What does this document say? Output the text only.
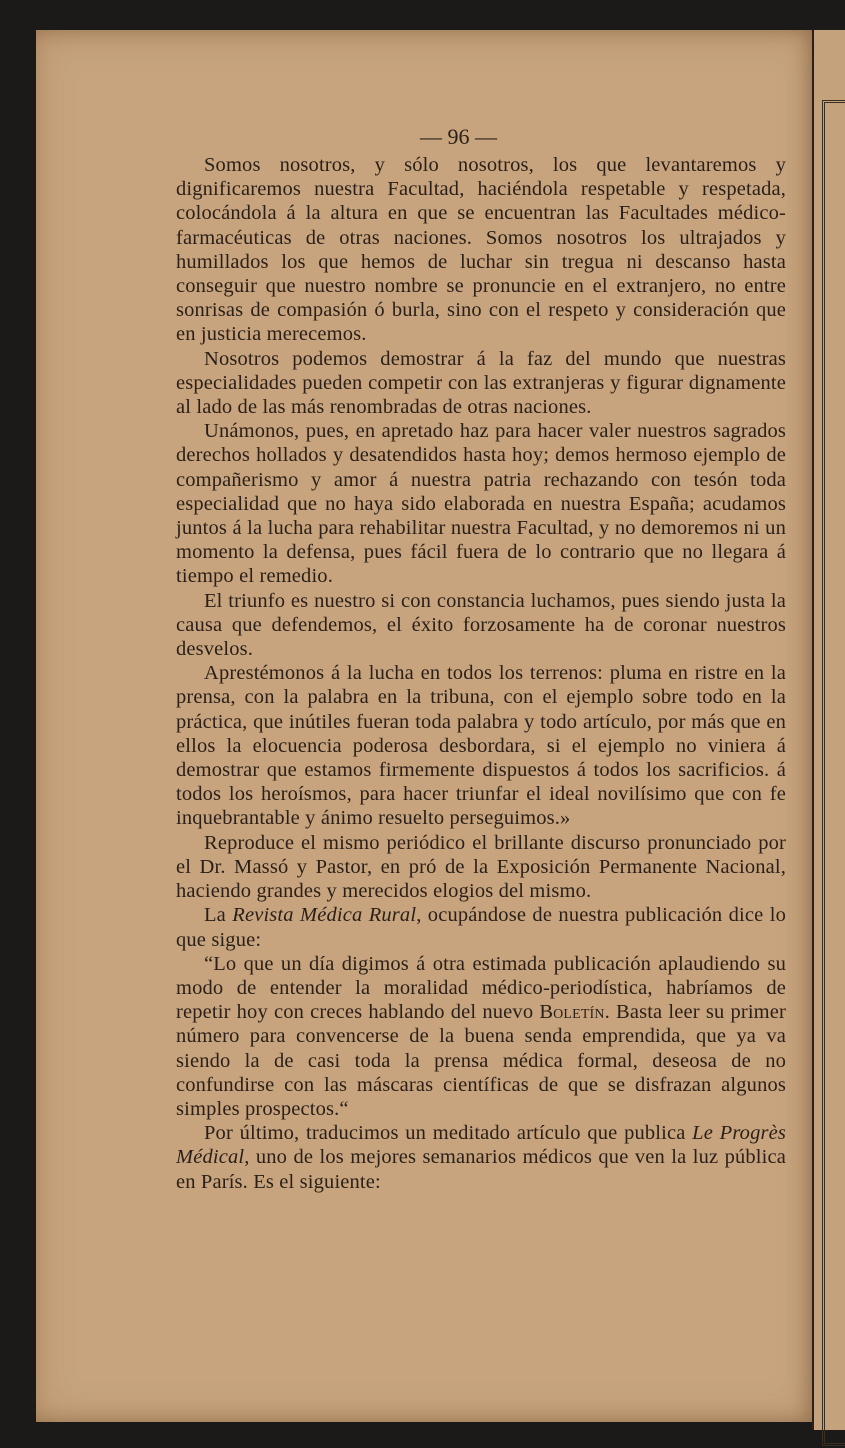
— 96 —

Somos nosotros, y sólo nosotros, los que levantaremos y dignificaremos nuestra Facultad, haciéndola respetable y respetada, colocándola á la altura en que se encuentran las Facultades médico-farmacéuticas de otras naciones. Somos nosotros los ultrajados y humillados los que hemos de luchar sin tregua ni descanso hasta conseguir que nuestro nombre se pronuncie en el extranjero, no entre sonrisas de compasión ó burla, sino con el respeto y consideración que en justicia merecemos.

Nosotros podemos demostrar á la faz del mundo que nuestras especialidades pueden competir con las extranjeras y figurar dignamente al lado de las más renombradas de otras naciones.

Unámonos, pues, en apretado haz para hacer valer nuestros sagrados derechos hollados y desatendidos hasta hoy; demos hermoso ejemplo de compañerismo y amor á nuestra patria rechazando con tesón toda especialidad que no haya sido elaborada en nuestra España; acudamos juntos á la lucha para rehabilitar nuestra Facultad, y no demoremos ni un momento la defensa, pues fácil fuera de lo contrario que no llegara á tiempo el remedio.

El triunfo es nuestro si con constancia luchamos, pues siendo justa la causa que defendemos, el éxito forzosamente ha de coronar nuestros desvelos.

Aprestémonos á la lucha en todos los terrenos: pluma en ristre en la prensa, con la palabra en la tribuna, con el ejemplo sobre todo en la práctica, que inútiles fueran toda palabra y todo artículo, por más que en ellos la elocuencia poderosa desbordara, si el ejemplo no viniera á demostrar que estamos firmemente dispuestos á todos los sacrificios. á todos los heroísmos, para hacer triunfar el ideal novilísimo que con fe inquebrantable y ánimo resuelto perseguimos.»

Reproduce el mismo periódico el brillante discurso pronunciado por el Dr. Massó y Pastor, en pró de la Exposición Permanente Nacional, haciendo grandes y merecidos elogios del mismo.

La Revista Médica Rural, ocupándose de nuestra publicación dice lo que sigue:

“Lo que un día digimos á otra estimada publicación aplaudiendo su modo de entender la moralidad médico-periodística, habríamos de repetir hoy con creces hablando del nuevo Boletín. Basta leer su primer número para convencerse de la buena senda emprendida, que ya va siendo la de casi toda la prensa médica formal, deseosa de no confundirse con las máscaras científicas de que se disfrazan algunos simples prospectos.“

Por último, traducimos un meditado artículo que publica Le Progrès Médical, uno de los mejores semanarios médicos que ven la luz pública en París. Es el siguiente:
